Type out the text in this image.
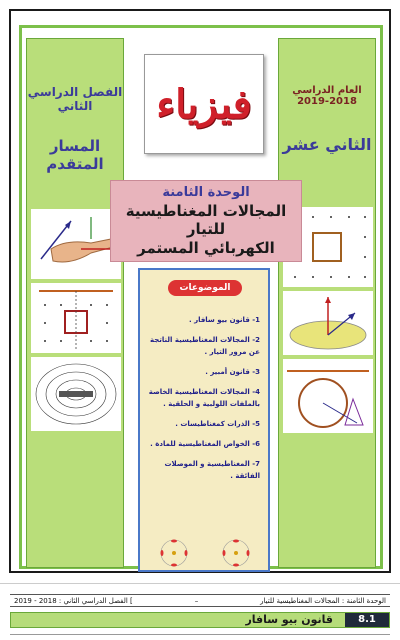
الفصل الدراسي الثاني
المسار المتقدم
العام الدراسي 2018-2019
الثاني عشر
فيزياء
الوحدة الثامنة
المجالات المغناطيسية للتيار
الكهربائي المستمر
الموضوعات
1- قانون بيو سافار .
2- المجالات المغناطيسية الناتجة عن مرور التيار .
3- قانون أمبير .
4- المجالات المغناطيسية الخاصة بالملفات اللولبية و الحلقية .
5- الذرات كمغناطيسات .
6- الخواص المغناطيسية للمادة .
7- المغناطيسية و الموصلات الفائقة .
الوحدة الثامنة : المجالات المغناطيسية للتيار
–
] الفصل الدراسي الثاني : 2018 - 2019
8.1
قانون بيو سافار
